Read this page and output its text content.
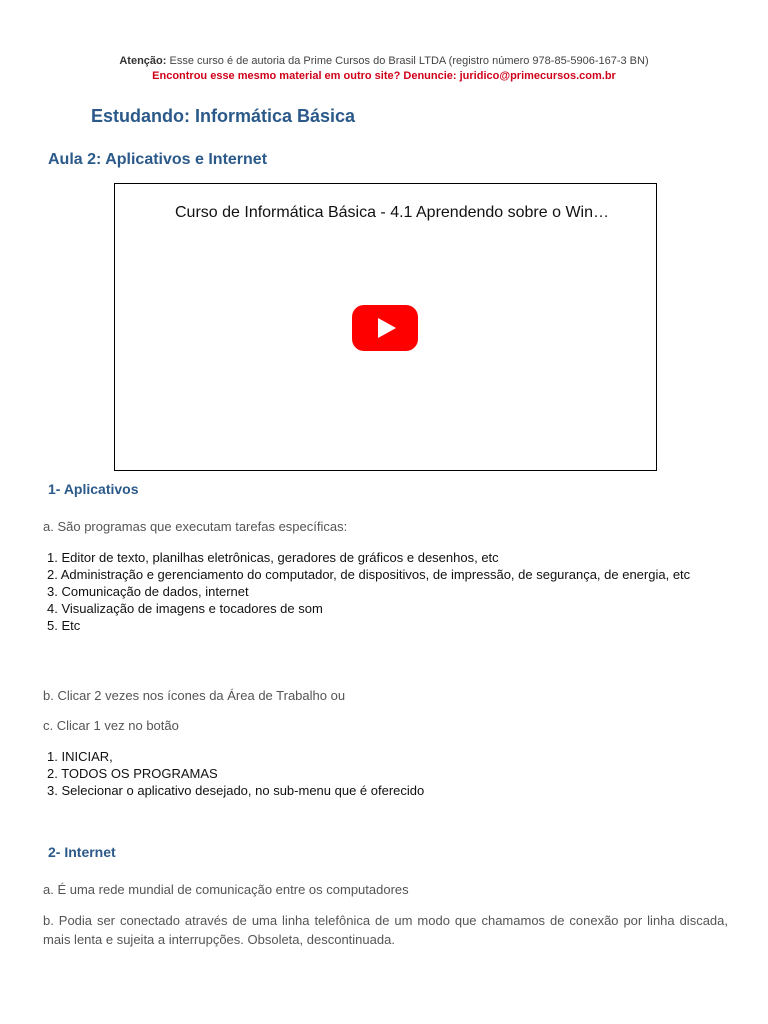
Atenção: Esse curso é de autoria da Prime Cursos do Brasil LTDA (registro número 978-85-5906-167-3 BN)
Encontrou esse mesmo material em outro site? Denuncie: juridico@primecursos.com.br
Estudando: Informática Básica
Aula 2: Aplicativos e Internet
Curso de Informática Básica - 4.1 Aprendendo sobre o Win…
1- Aplicativos

a. São programas que executam tarefas específicas:

1. Editor de texto, planilhas eletrônicas, geradores de gráficos e desenhos, etc
2. Administração e gerenciamento do computador, de dispositivos, de impressão, de segurança, de energia, etc
3. Comunicação de dados, internet
4. Visualização de imagens e tocadores de som
5. Etc

b. Clicar 2 vezes nos ícones da Área de Trabalho ou

c. Clicar 1 vez no botão

1. INICIAR,
2. TODOS OS PROGRAMAS
3. Selecionar o aplicativo desejado, no sub-menu que é oferecido
2- Internet

a. É uma rede mundial de comunicação entre os computadores

b. Podia ser conectado através de uma linha telefônica de um modo que chamamos de conexão por linha discada, mais lenta e sujeita a interrupções. Obsoleta, descontinuada.
